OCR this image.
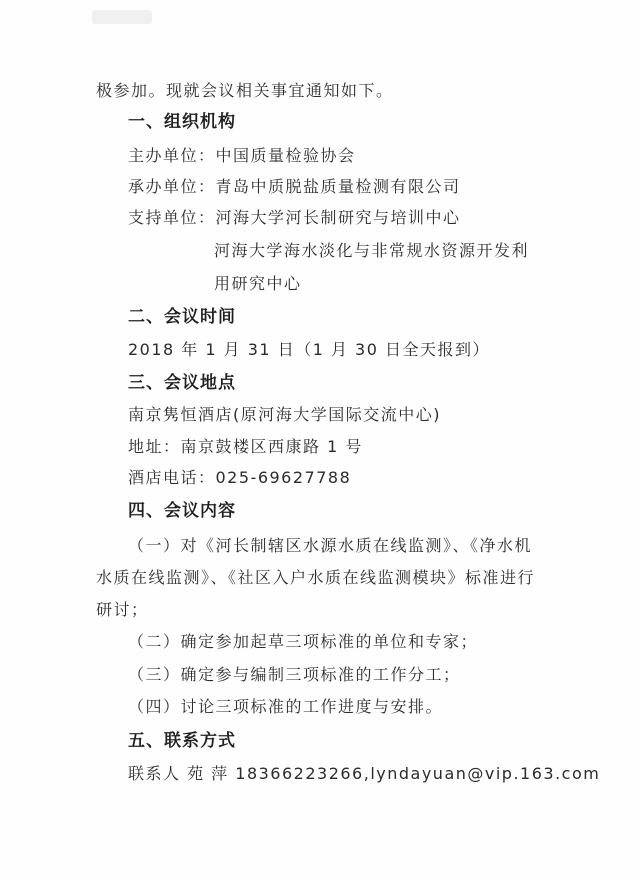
极参加。现就会议相关事宜通知如下。
一、组织机构
主办单位：中国质量检验协会
承办单位：青岛中质脱盐质量检测有限公司
支持单位：河海大学河长制研究与培训中心
河海大学海水淡化与非常规水资源开发利
用研究中心
二、会议时间
2018 年 1 月 31 日（1 月 30 日全天报到）
三、会议地点
南京隽恒酒店(原河海大学国际交流中心)
地址：南京鼓楼区西康路 1 号
酒店电话：025-69627788
四、会议内容
（一）对《河长制辖区水源水质在线监测》、《净水机
水质在线监测》、《社区入户水质在线监测模块》标准进行
研讨；
（二）确定参加起草三项标准的单位和专家；
（三）确定参与编制三项标准的工作分工；
（四）讨论三项标准的工作进度与安排。
五、联系方式
联系人 苑 萍 18366223266,lyndayuan@vip.163.com
